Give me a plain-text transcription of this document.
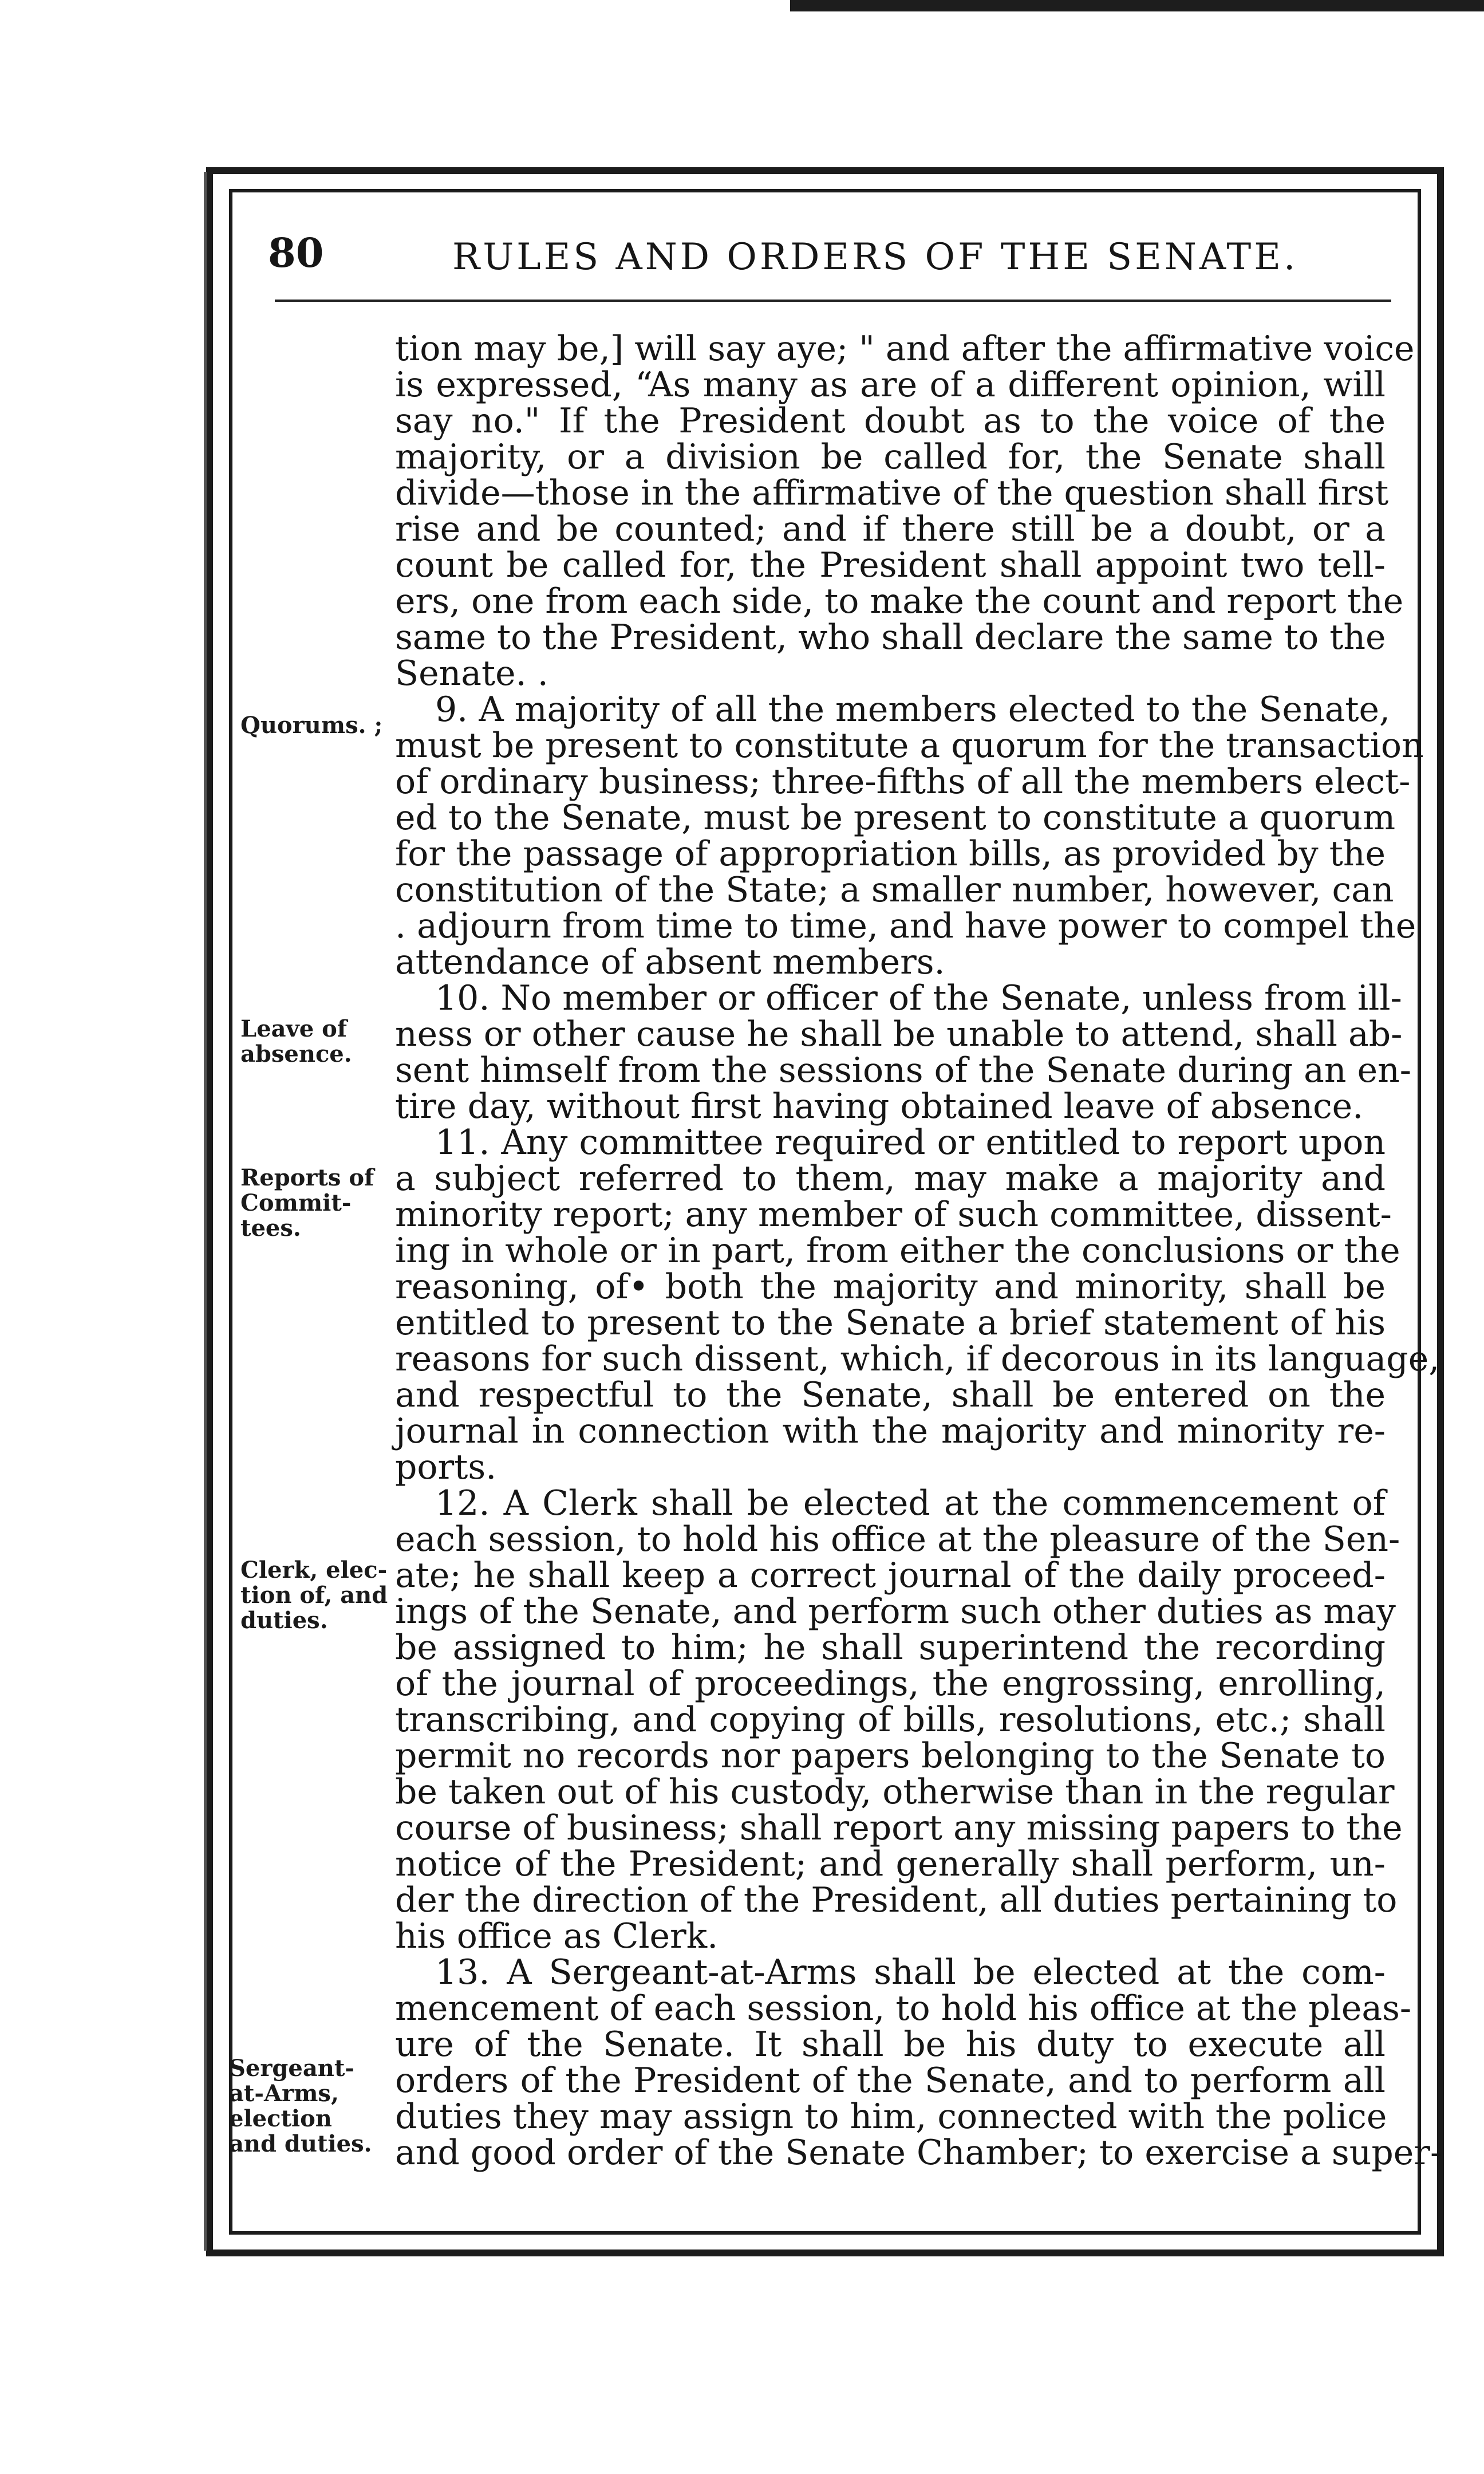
80	RULES AND ORDERS OF THE SENATE.
Quorums. ;
Leave of
absence.
Reports of
Commit-
tees.
Clerk, elec-
tion of, and
duties.
Sergeant-
at-Arms,
election
and duties.
tion may be,] will say aye; " and after the affirmative voice
is expressed, “As many as are of a different opinion, will
say no." If the President doubt as to the voice of the
majority, or a division be called for, the Senate shall
divide—those in the affirmative of the question shall first
rise and be counted; and if there still be a doubt, or a
count be called for, the President shall appoint two tell-
ers, one from each side, to make the count and report the
same to the President, who shall declare the same to the
Senate. .
9. A majority of all the members elected to the Senate,
must be present to constitute a quorum for the transaction
of ordinary business; three-fifths of all the members elect-
ed to the Senate, must be present to constitute a quorum
for the passage of appropriation bills, as provided by the
constitution of the State; a smaller number, however, can
. adjourn from time to time, and have power to compel the
attendance of absent members.
10. No member or officer of the Senate, unless from ill-
ness or other cause he shall be unable to attend, shall ab-
sent himself from the sessions of the Senate during an en-
tire day, without first having obtained leave of absence.
11. Any committee required or entitled to report upon
a subject referred to them, may make a majority and
minority report; any member of such committee, dissent-
ing in whole or in part, from either the conclusions or the
reasoning, of• both the majority and minority, shall be
entitled to present to the Senate a brief statement of his
reasons for such dissent, which, if decorous in its language,
and respectful to the Senate, shall be entered on the
journal in connection with the majority and minority re-
ports.
12. A Clerk shall be elected at the commencement of
each session, to hold his office at the pleasure of the Sen-
ate; he shall keep a correct journal of the daily proceed-
ings of the Senate, and perform such other duties as may
be assigned to him; he shall superintend the recording
of the journal of proceedings, the engrossing, enrolling,
transcribing, and copying of bills, resolutions, etc.; shall
permit no records nor papers belonging to the Senate to
be taken out of his custody, otherwise than in the regular
course of business; shall report any missing papers to the
notice of the President; and generally shall perform, un-
der the direction of the President, all duties pertaining to
his office as Clerk.
13. A Sergeant-at-Arms shall be elected at the com-
mencement of each session, to hold his office at the pleas-
ure of the Senate. It shall be his duty to execute all
orders of the President of the Senate, and to perform all
duties they may assign to him, connected with the police
and good order of the Senate Chamber; to exercise a super-
